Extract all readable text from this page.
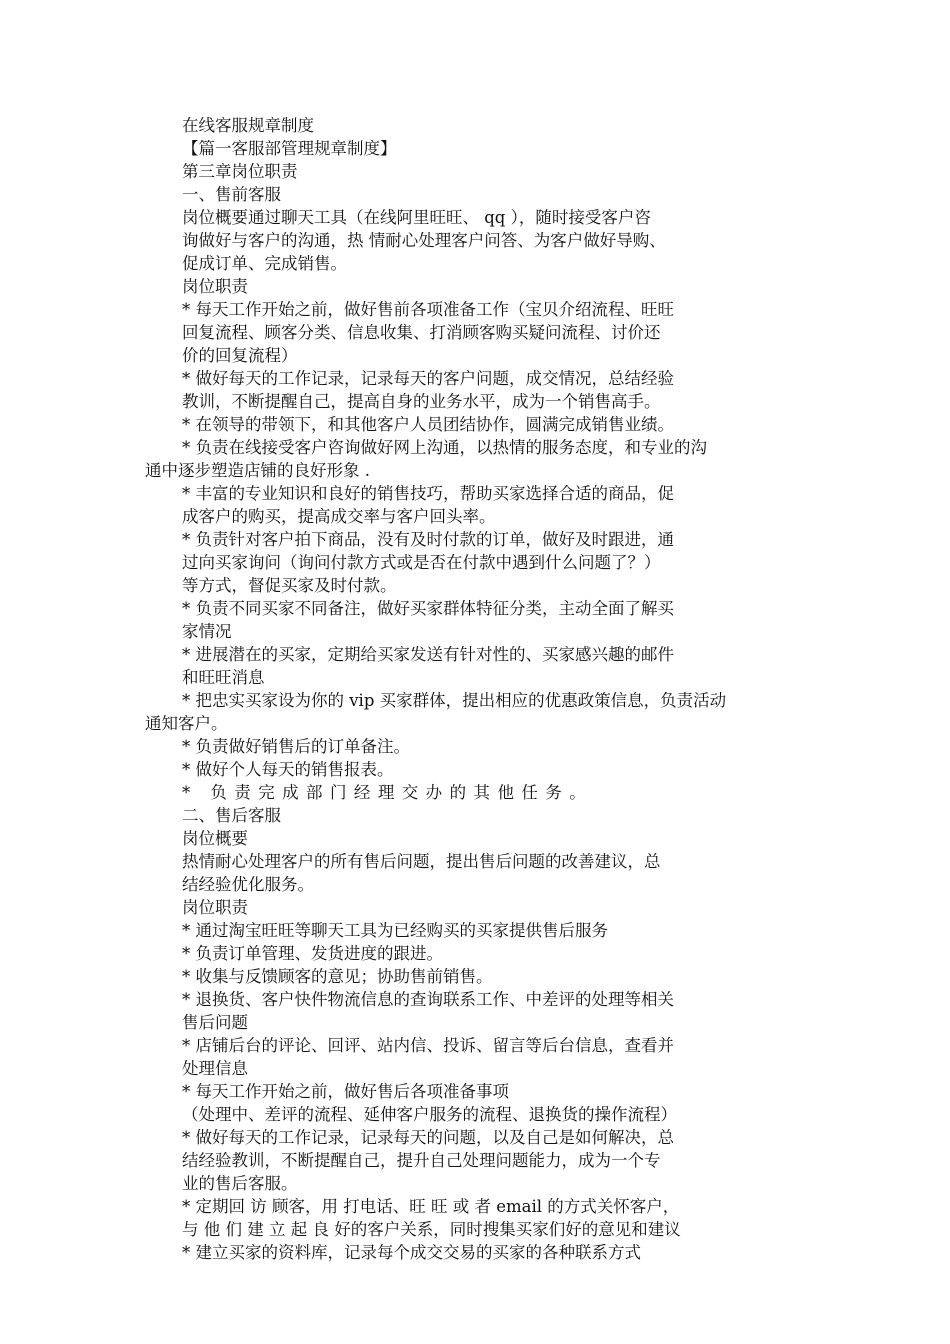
在线客服规章制度
【篇一客服部管理规章制度】
第三章岗位职责
一、售前客服
岗位概要通过聊天工具（在线阿里旺旺、 qq ），随时接受客户咨
询做好与客户的沟通，热 情耐心处理客户问答、为客户做好导购、
促成订单、完成销售。
岗位职责
* 每天工作开始之前，做好售前各项准备工作（宝贝介绍流程、旺旺
回复流程、顾客分类、信息收集、打消顾客购买疑问流程、讨价还
价的回复流程）
* 做好每天的工作记录，记录每天的客户问题，成交情况，总结经验
教训，不断提醒自己，提高自身的业务水平，成为一个销售高手。
* 在领导的带领下，和其他客户人员团结协作，圆满完成销售业绩。
* 负责在线接受客户咨询做好网上沟通，以热情的服务态度，和专业的沟
通中逐步塑造店铺的良好形象 .
* 丰富的专业知识和良好的销售技巧，帮助买家选择合适的商品，促
成客户的购买，提高成交率与客户回头率。
* 负责针对客户拍下商品，没有及时付款的订单，做好及时跟进，通
过向买家询问（询问付款方式或是否在付款中遇到什么问题了？）
等方式，督促买家及时付款。
* 负责不同买家不同备注，做好买家群体特征分类，主动全面了解买
家情况
* 进展潜在的买家，定期给买家发送有针对性的、买家感兴趣的邮件
和旺旺消息
* 把忠实买家设为你的 vip 买家群体，提出相应的优惠政策信息，负责活动
通知客户。
* 负责做好销售后的订单备注。
* 做好个人每天的销售报表。
* 负责完成部门经理交办的其他任务。
二、售后客服
岗位概要
热情耐心处理客户的所有售后问题，提出售后问题的改善建议，总
结经验优化服务。
岗位职责
* 通过淘宝旺旺等聊天工具为已经购买的买家提供售后服务
* 负责订单管理、发货进度的跟进。
* 收集与反馈顾客的意见；协助售前销售。
* 退换货、客户快件物流信息的查询联系工作、中差评的处理等相关
售后问题
* 店铺后台的评论、回评、站内信、投诉、留言等后台信息，查看并
处理信息
* 每天工作开始之前，做好售后各项准备事项
（处理中、差评的流程、延伸客户服务的流程、退换货的操作流程）
* 做好每天的工作记录，记录每天的问题，以及自己是如何解决，总
结经验教训，不断提醒自己，提升自己处理问题能力，成为一个专
业的售后客服。
* 定期回 访 顾客，用 打电话、旺 旺 或 者 email 的方式关怀客户，
与 他 们 建 立 起 良 好的客户关系，同时搜集买家们好的意见和建议
* 建立买家的资料库，记录每个成交交易的买家的各种联系方式
